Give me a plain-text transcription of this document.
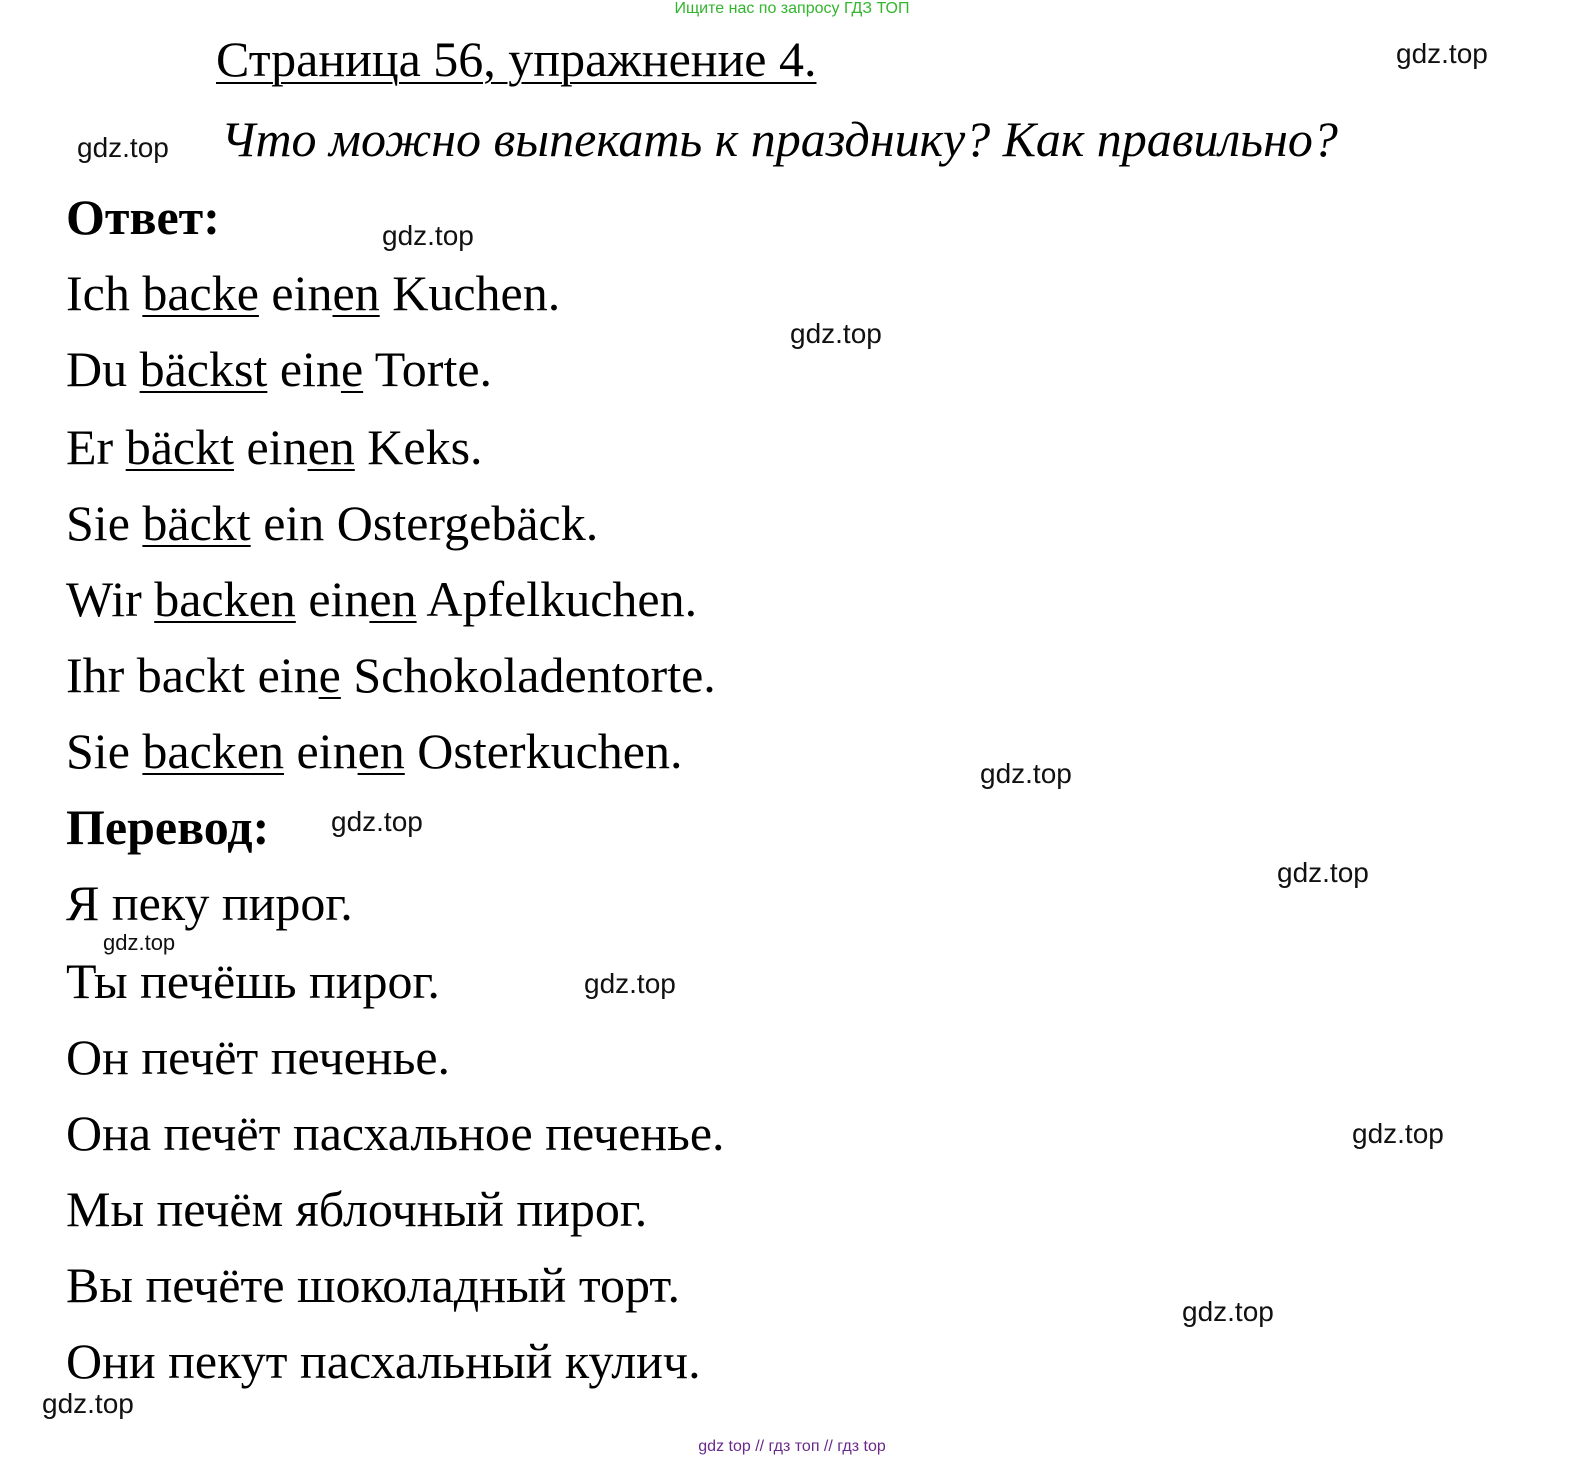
Ищите нас по запросу ГДЗ ТОП
Страница 56, упражнение 4.
Что можно выпекать к празднику? Как правильно?
Ответ:
Ich backe einen Kuchen.
Du bäckst eine Torte.
Er bäckt einen Keks.
Sie bäckt ein Ostergebäck.
Wir backen einen Apfelkuchen.
Ihr backt eine Schokoladentorte.
Sie backen einen Osterkuchen.
Перевод:
Я пеку пирог.
Ты печёшь пирог.
Он печёт печенье.
Она печёт пасхальное печенье.
Мы печём яблочный пирог.
Вы печёте шоколадный торт.
Они пекут пасхальный кулич.
gdz.top
gdz.top
gdz.top
gdz.top
gdz.top
gdz.top
gdz.top
gdz.top
gdz.top
gdz.top
gdz.top
gdz.top
gdz top // гдз топ // гдз top
